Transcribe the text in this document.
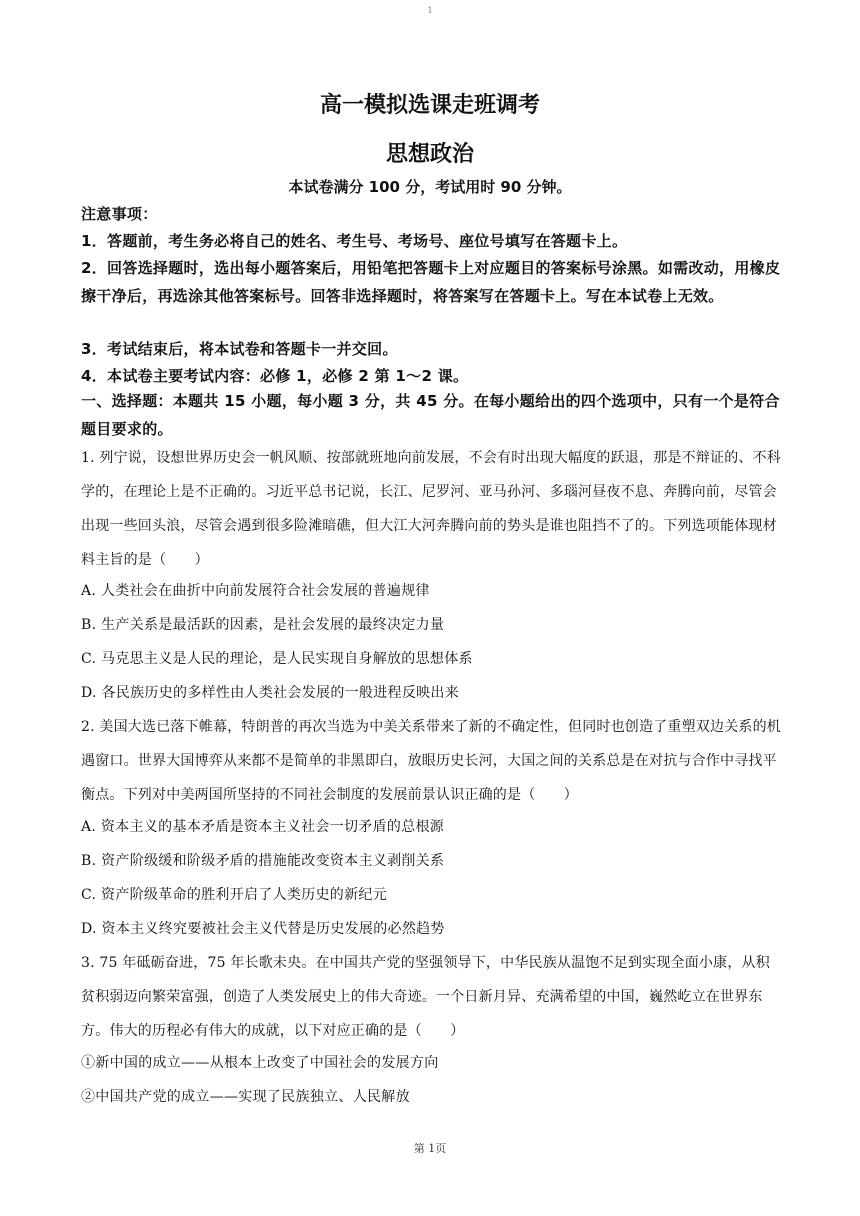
1
高一模拟选课走班调考
思想政治
本试卷满分 100 分，考试用时 90 分钟。
注意事项：
1．答题前，考生务必将自己的姓名、考生号、考场号、座位号填写在答题卡上。
2．回答选择题时，选出每小题答案后，用铅笔把答题卡上对应题目的答案标号涂黑。如需改动，用橡皮擦干净后，再选涂其他答案标号。回答非选择题时，将答案写在答题卡上。写在本试卷上无效。
3．考试结束后，将本试卷和答题卡一并交回。
4．本试卷主要考试内容：必修 1，必修 2 第 1～2 课。
一、选择题：本题共 15 小题，每小题 3 分，共 45 分。在每小题给出的四个选项中，只有一个是符合题目要求的。
1. 列宁说，设想世界历史会一帆风顺、按部就班地向前发展，不会有时出现大幅度的跃退，那是不辩证的、不科学的，在理论上是不正确的。习近平总书记说，长江、尼罗河、亚马孙河、多瑙河昼夜不息、奔腾向前，尽管会出现一些回头浪，尽管会遇到很多险滩暗礁，但大江大河奔腾向前的势头是谁也阻挡不了的。下列选项能体现材料主旨的是（　　）
A. 人类社会在曲折中向前发展符合社会发展的普遍规律
B. 生产关系是最活跃的因素，是社会发展的最终决定力量
C. 马克思主义是人民的理论，是人民实现自身解放的思想体系
D. 各民族历史的多样性由人类社会发展的一般进程反映出来
2. 美国大选已落下帷幕，特朗普的再次当选为中美关系带来了新的不确定性，但同时也创造了重塑双边关系的机遇窗口。世界大国博弈从来都不是简单的非黑即白，放眼历史长河，大国之间的关系总是在对抗与合作中寻找平衡点。下列对中美两国所坚持的不同社会制度的发展前景认识正确的是（　　）
A. 资本主义的基本矛盾是资本主义社会一切矛盾的总根源
B. 资产阶级缓和阶级矛盾的措施能改变资本主义剥削关系
C. 资产阶级革命的胜利开启了人类历史的新纪元
D. 资本主义终究要被社会主义代替是历史发展的必然趋势
3. 75 年砥砺奋进，75 年长歌未央。在中国共产党的坚强领导下，中华民族从温饱不足到实现全面小康，从积贫积弱迈向繁荣富强，创造了人类发展史上的伟大奇迹。一个日新月异、充满希望的中国，巍然屹立在世界东方。伟大的历程必有伟大的成就，以下对应正确的是（　　）
①新中国的成立——从根本上改变了中国社会的发展方向
②中国共产党的成立——实现了民族独立、人民解放
第 1页
